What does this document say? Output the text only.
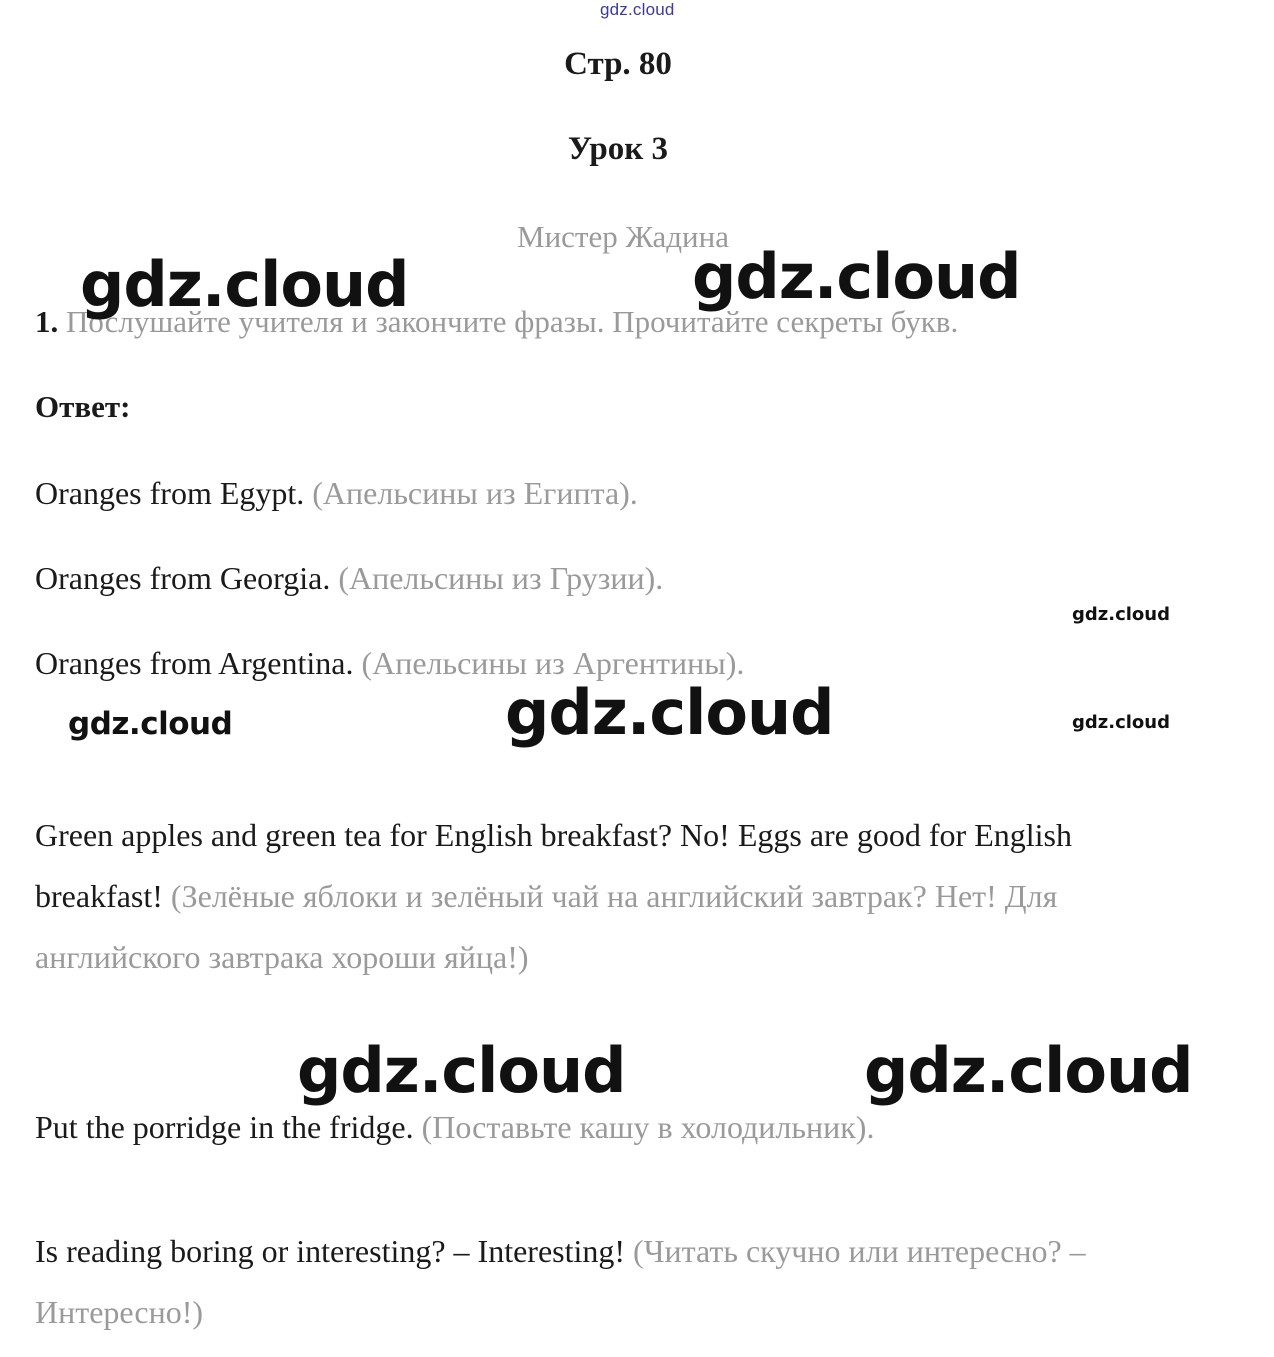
gdz.cloud
Стр. 80
Урок 3
Мистер Жадина
1. Послушайте учителя и закончите фразы. Прочитайте секреты букв.
Ответ:
Oranges from Egypt. (Апельсины из Египта).
Oranges from Georgia. (Апельсины из Грузии).
Oranges from Argentina. (Апельсины из Аргентины).
Green apples and green tea for English breakfast? No! Eggs are good for English breakfast! (Зелёные яблоки и зелёный чай на английский завтрак? Нет! Для английского завтрака хороши яйца!)
Put the porridge in the fridge. (Поставьте кашу в холодильник).
Is reading boring or interesting? – Interesting! (Читать скучно или интересно? – Интересно!)
gdz.cloud	gdz.cloud
gdz.cloud
gdz.cloud	gdz.cloud	gdz.cloud
gdz.cloud	gdz.cloud
